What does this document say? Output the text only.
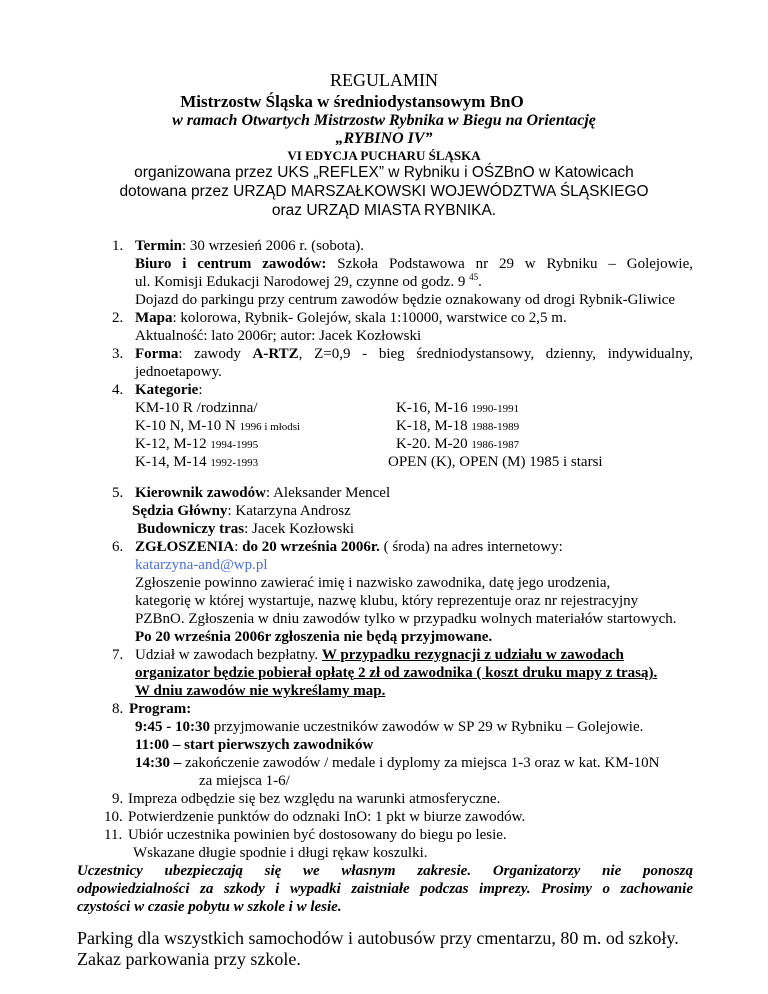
REGULAMIN
Mistrzostw Śląska w średniodystansowym BnO
w ramach Otwartych Mistrzostw Rybnika w Biegu na Orientację
„RYBINO IV”
VI EDYCJA PUCHARU ŚLĄSKA
organizowana przez UKS „REFLEX” w Rybniku i OŚZBnO w Katowicach
dotowana przez URZĄD MARSZAŁKOWSKI WOJEWÓDZTWA ŚLĄSKIEGO
oraz URZĄD MIASTA RYBNIKA.
1. Termin: 30 wrzesień 2006 r. (sobota).
Biuro i centrum zawodów: Szkoła Podstawowa nr 29 w Rybniku – Golejowie,
ul. Komisji Edukacji Narodowej 29, czynne od godz. 9 $^{45}$.
Dojazd do parkingu przy centrum zawodów będzie oznakowany od drogi Rybnik-Gliwice
2. Mapa: kolorowa, Rybnik- Golejów, skala 1:10000, warstwice co 2,5 m.
Aktualność: lato 2006r; autor: Jacek Kozłowski
3. Forma: zawody A-RTZ, Z=0,9 - bieg średniodystansowy, dzienny, indywidualny,
jednoetapowy.
4. Kategorie:
KM-10 R /rodzinna/
K-10 N, M-10 N 1996 i młodsi
K-12, M-12 1994-1995
K-14, M-14 1992-1993
K-16, M-16 1990-1991
K-18, M-18 1988-1989
K-20. M-20 1986-1987
OPEN (K), OPEN (M) 1985 i starsi
5. Kierownik zawodów: Aleksander Mencel
Sędzia Główny: Katarzyna Androsz
Budowniczy tras: Jacek Kozłowski
6. ZGŁOSZENIA: do 20 września 2006r. ( środa) na adres internetowy:
katarzyna-and@wp.pl
Zgłoszenie powinno zawierać imię i nazwisko zawodnika, datę jego urodzenia,
kategorię w której wystartuje, nazwę klubu, który reprezentuje oraz nr rejestracyjny
PZBnO. Zgłoszenia w dniu zawodów tylko w przypadku wolnych materiałów startowych.
Po 20 września 2006r zgłoszenia nie będą przyjmowane.
7. Udział w zawodach bezpłatny. W przypadku rezygnacji z udziału w zawodach
organizator będzie pobierał opłatę 2 zł od zawodnika ( koszt druku mapy z trasą).
W dniu zawodów nie wykreślamy map.
8. Program:
9:45 - 10:30 przyjmowanie uczestników zawodów w SP 29 w Rybniku – Golejowie.
11:00 – start pierwszych zawodników
14:30 – zakończenie zawodów / medale i dyplomy za miejsca 1-3 oraz w kat. KM-10N
za miejsca 1-6/
9. Impreza odbędzie się bez względu na warunki atmosferyczne.
10. Potwierdzenie punktów do odznaki InO: 1 pkt w biurze zawodów.
11. Ubiór uczestnika powinien być dostosowany do biegu po lesie.
Wskazane długie spodnie i długi rękaw koszulki.
Uczestnicy ubezpieczają się we własnym zakresie. Organizatorzy nie ponoszą
odpowiedzialności za szkody i wypadki zaistniałe podczas imprezy. Prosimy o zachowanie
czystości w czasie pobytu w szkole i w lesie.
Parking dla wszystkich samochodów i autobusów przy cmentarzu, 80 m. od szkoły.
Zakaz parkowania przy szkole.
